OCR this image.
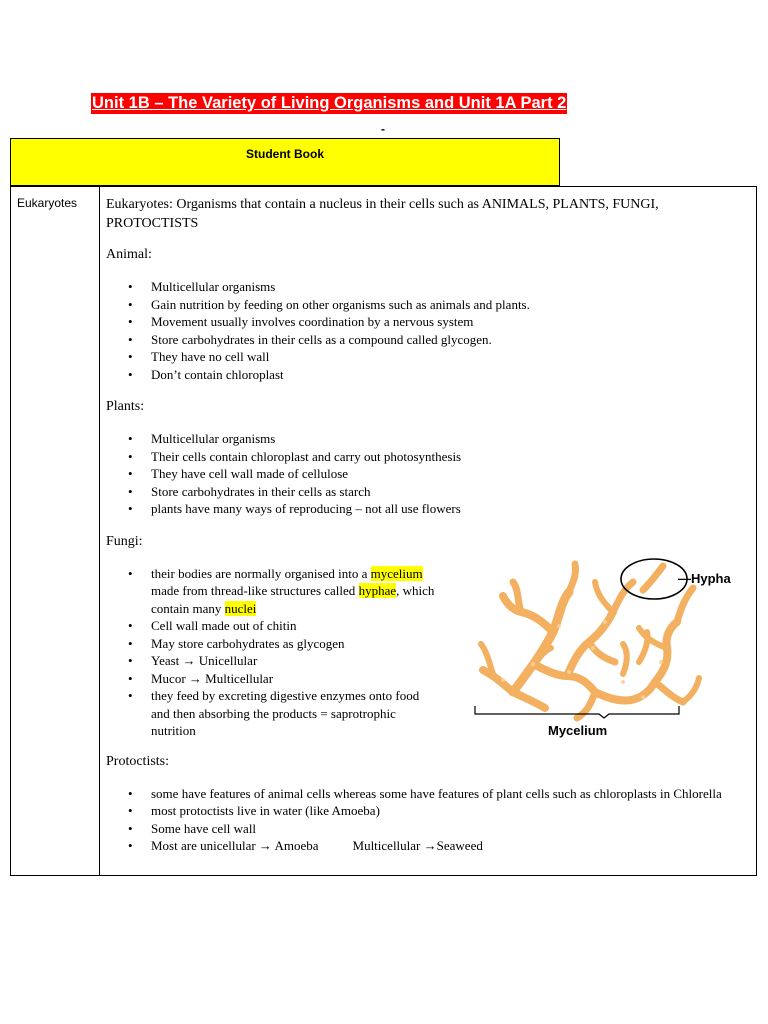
Unit 1B – The Variety of Living Organisms and Unit 1A Part 2
-
Student Book
Eukaryotes Eukaryotes: Organisms that contain a nucleus in their cells such as ANIMALS, PLANTS, FUNGI, PROTOCTISTS

Animal:

• Multicellular organisms
• Gain nutrition by feeding on other organisms such as animals and plants.
• Movement usually involves coordination by a nervous system
• Store carbohydrates in their cells as a compound called glycogen.
• They have no cell wall
• Don’t contain chloroplast

Plants:

• Multicellular organisms
• Their cells contain chloroplast and carry out photosynthesis
• They have cell wall made of cellulose
• Store carbohydrates in their cells as starch
• plants have many ways of reproducing – not all use flowers

Fungi:

• their bodies are normally organised into a mycelium made from thread-like structures called hyphae, which contain many nuclei
• Cell wall made out of chitin
• May store carbohydrates as glycogen
• Yeast → Unicellular
• Mucor → Multicellular
• they feed by excreting digestive enzymes onto food and then absorbing the products = saprotrophic nutrition

Protoctists:

• some have features of animal cells whereas some have features of plant cells such as chloroplasts in Chlorella
• most protoctists live in water (like Amoeba)
• Some have cell wall
• Most are unicellular → Amoeba	Multicellular →Seaweed
—Hypha
Mycelium
